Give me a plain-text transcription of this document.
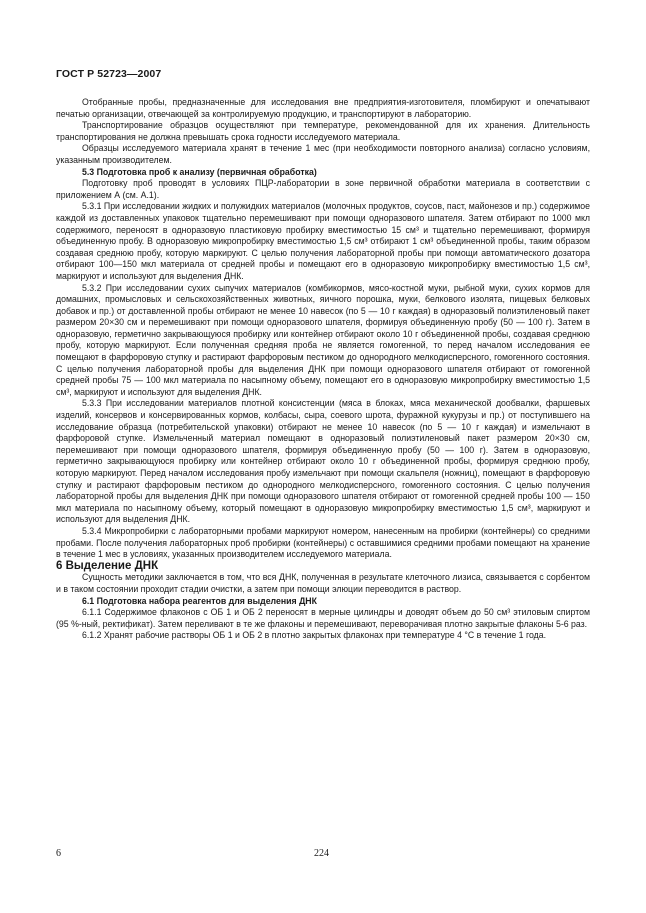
ГОСТ Р 52723—2007

Отобранные пробы, предназначенные для исследования вне предприятия-изготовителя, пломбируют и опечатывают печатью организации, отвечающей за контролируемую продукцию, и транспортируют в лабораторию.

Транспортирование образцов осуществляют при температуре, рекомендованной для их хранения. Длительность транспортирования не должна превышать срока годности исследуемого материала.

Образцы исследуемого материала хранят в течение 1 мес (при необходимости повторного анализа) согласно условиям, указанным производителем.

5.3 Подготовка проб к анализу (первичная обработка)

Подготовку проб проводят в условиях ПЦР-лаборатории в зоне первичной обработки материала в соответствии с приложением А (см. А.1).

5.3.1 При исследовании жидких и полужидких материалов (молочных продуктов, соусов, паст, майонезов и пр.) содержимое каждой из доставленных упаковок тщательно перемешивают при помощи одноразового шпателя. Затем отбирают по 1000 мкл содержимого, переносят в одноразовую пластиковую пробирку вместимостью 15 см³ и тщательно перемешивают, формируя объединенную пробу. В одноразовую микропробирку вместимостью 1,5 см³ отбирают 1 см³ объединенной пробы, таким образом создавая среднюю пробу, которую маркируют. С целью получения лабораторной пробы при помощи автоматического дозатора отбирают 100—150 мкл материала от средней пробы и помещают его в одноразовую микропробирку вместимостью 1,5 см³, маркируют и используют для выделения ДНК.

5.3.2 При исследовании сухих сыпучих материалов (комбикормов, мясо-костной муки, рыбной муки, сухих кормов для домашних, промысловых и сельскохозяйственных животных, яичного порошка, муки, белкового изолята, пищевых белковых добавок и пр.) от доставленной пробы отбирают не менее 10 навесок (по 5 — 10 г каждая) в одноразовый полиэтиленовый пакет размером 20×30 см и перемешивают при помощи одноразового шпателя, формируя объединенную пробу (50 — 100 г). Затем в одноразовую, герметично закрывающуюся пробирку или контейнер отбирают около 10 г объединенной пробы, создавая среднюю пробу, которую маркируют. Если полученная средняя проба не является гомогенной, то перед началом исследования ее помещают в фарфоровую ступку и растирают фарфоровым пестиком до однородного мелкодисперсного, гомогенного состояния. С целью получения лабораторной пробы для выделения ДНК при помощи одноразового шпателя отбирают от гомогенной средней пробы 75 — 100 мкл материала по насыпному объему, помещают его в одноразовую микропробирку вместимостью 1,5 см³, маркируют и используют для выделения ДНК.

5.3.3 При исследовании материалов плотной консистенции (мяса в блоках, мяса механической дообвалки, фаршевых изделий, консервов и консервированных кормов, колбасы, сыра, соевого шрота, фуражной кукурузы и пр.) от поступившего на исследование образца (потребительской упаковки) отбирают не менее 10 навесок (по 5 — 10 г каждая) и измельчают в фарфоровой ступке. Измельченный материал помещают в одноразовый полиэтиленовый пакет размером 20×30 см, перемешивают при помощи одноразового шпателя, формируя объединенную пробу (50 — 100 г). Затем в одноразовую, герметично закрывающуюся пробирку или контейнер отбирают около 10 г объединенной пробы, формируя среднюю пробу, которую маркируют. Перед началом исследования пробу измельчают при помощи скальпеля (ножниц), помещают в фарфоровую ступку и растирают фарфоровым пестиком до однородного мелкодисперсного, гомогенного состояния. С целью получения лабораторной пробы для выделения ДНК при помощи одноразового шпателя отбирают от гомогенной средней пробы 100 — 150 мкл материала по насыпному объему, который помещают в одноразовую микропробирку вместимостью 1,5 см³, маркируют и используют для выделения ДНК.

5.3.4 Микропробирки с лабораторными пробами маркируют номером, нанесенным на пробирки (контейнеры) со средними пробами. После получения лабораторных проб пробирки (контейнеры) с оставшимися средними пробами помещают на хранение в течение 1 мес в условиях, указанных производителем исследуемого материала.

6 Выделение ДНК

Сущность методики заключается в том, что вся ДНК, полученная в результате клеточного лизиса, связывается с сорбентом и в таком состоянии проходит стадии очистки, а затем при помощи элюции переводится в раствор.

6.1 Подготовка набора реагентов для выделения ДНК

6.1.1 Содержимое флаконов с ОБ 1 и ОБ 2 переносят в мерные цилиндры и доводят объем до 50 см³ этиловым спиртом (95 %-ный, ректификат). Затем переливают в те же флаконы и перемешивают, переворачивая плотно закрытые флаконы 5-6 раз.

6.1.2 Хранят рабочие растворы ОБ 1 и ОБ 2 в плотно закрытых флаконах при температуре 4 °С в течение 1 года.

6	224
